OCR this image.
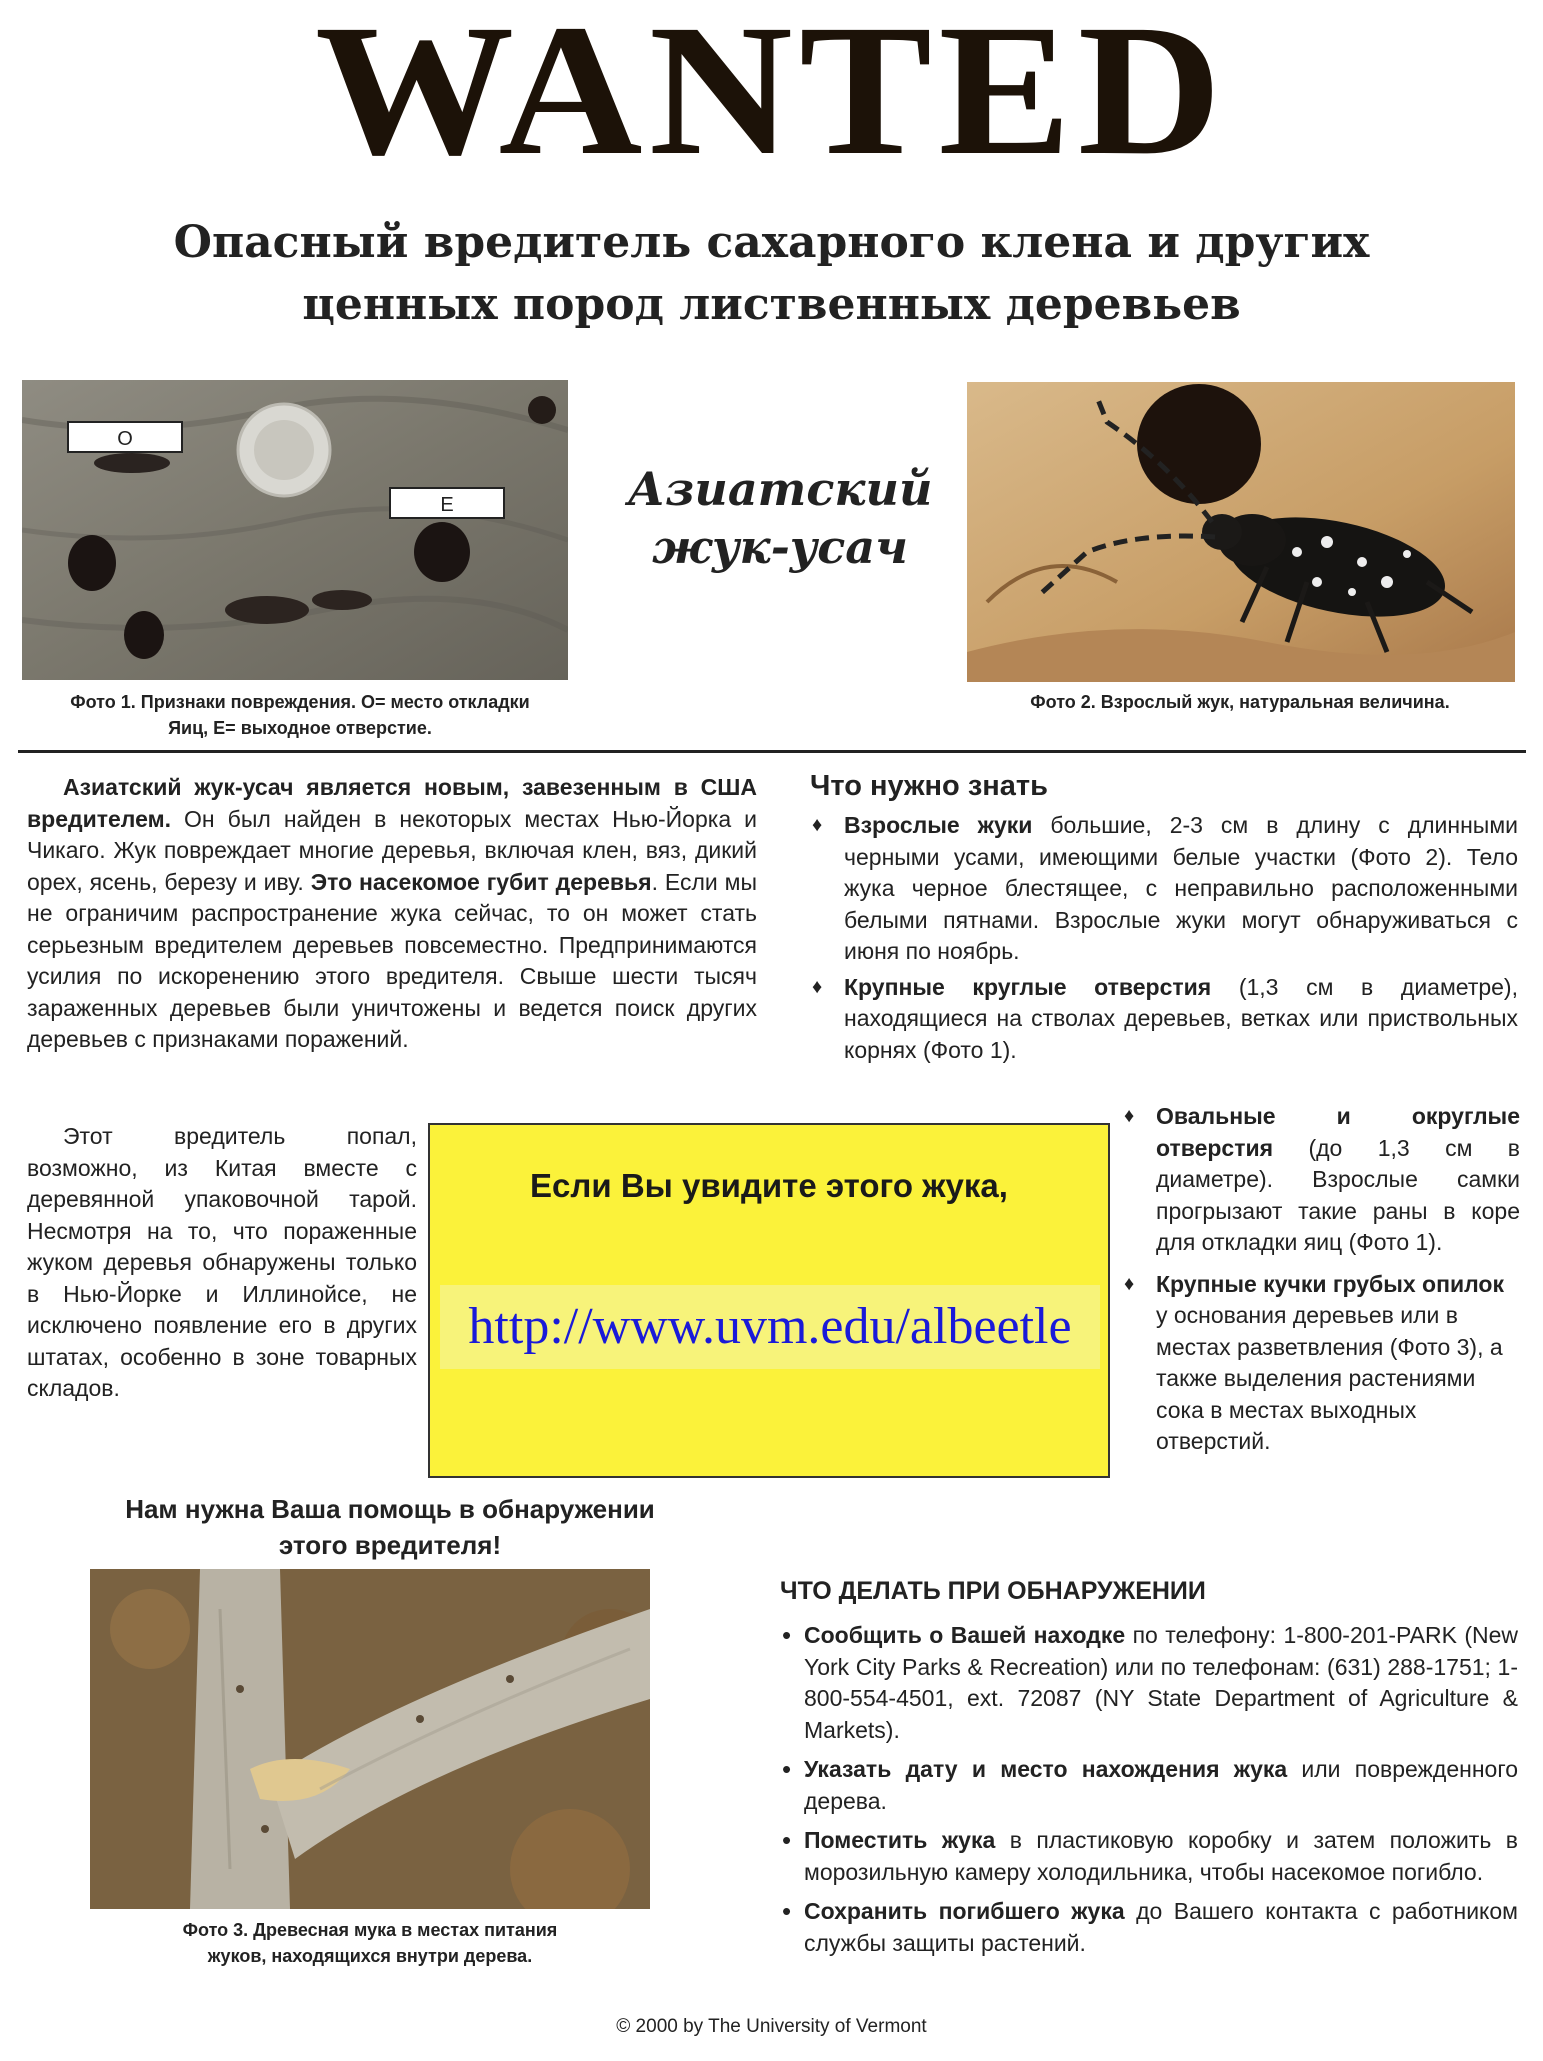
WANTED
Опасный вредитель сахарного клена и других
ценных пород лиственных деревьев
O
E
Фото 1. Признаки повреждения. O= место откладки
Яиц, E= выходное отверстие.
Азиатский
жук-усач
Фото 2. Взрослый жук, натуральная величина.
Азиатский жук-усач является новым, завезенным в США вредителем. Он был найден в некоторых местах Нью-Йорка и Чикаго. Жук повреждает многие деревья, включая клен, вяз, дикий орех, ясень, березу и иву. Это насекомое губит деревья. Если мы не ограничим распространение жука сейчас, то он может стать серьезным вредителем деревьев повсеместно. Предпринимаются усилия по искоренению этого вредителя. Свыше шести тысяч зараженных деревьев были уничтожены и ведется поиск других деревьев с признаками поражений.
Этот вредитель попал, возможно, из Китая вместе с деревянной упаковочной тарой. Несмотря на то, что пораженные жуком деревья обнаружены только в Нью-Йорке и Иллинойсе, не исключено появление его в других штатах, особенно в зоне товарных складов.
Что нужно знать
♦ Взрослые жуки большие, 2-3 см в длину с длинными черными усами, имеющими белые участки (Фото 2). Тело жука черное блестящее, с неправильно расположенными белыми пятнами. Взрослые жуки могут обнаруживаться с июня по ноябрь.
♦ Крупные круглые отверстия (1,3 см в диаметре), находящиеся на стволах деревьев, ветках или приствольных корнях (Фото 1).
♦ Овальные и округлые отверстия (до 1,3 см в диаметре). Взрослые самки прогрызают такие раны в коре для откладки яиц (Фото 1).
♦ Крупные кучки грубых опилок у основания деревьев или в местах разветвления (Фото 3), а также выделения растениями сока в местах выходных отверстий.
Если Вы увидите этого жука,
http://www.uvm.edu/albeetle
Нам нужна Ваша помощь в обнаружении
этого вредителя!
Фото 3. Древесная мука в местах питания
жуков, находящихся внутри дерева.
ЧТО ДЕЛАТЬ ПРИ ОБНАРУЖЕНИИ
• Сообщить о Вашей находке по телефону: 1-800-201-PARK (New York City Parks & Recreation) или по телефонам: (631) 288-1751; 1-800-554-4501, ext. 72087 (NY State Department of Agriculture & Markets).
• Указать дату и место нахождения жука или поврежденного дерева.
• Поместить жука в пластиковую коробку и затем положить в морозильную камеру холодильника, чтобы насекомое погибло.
• Сохранить погибшего жука до Вашего контакта с работником службы защиты растений.
© 2000 by The University of Vermont
